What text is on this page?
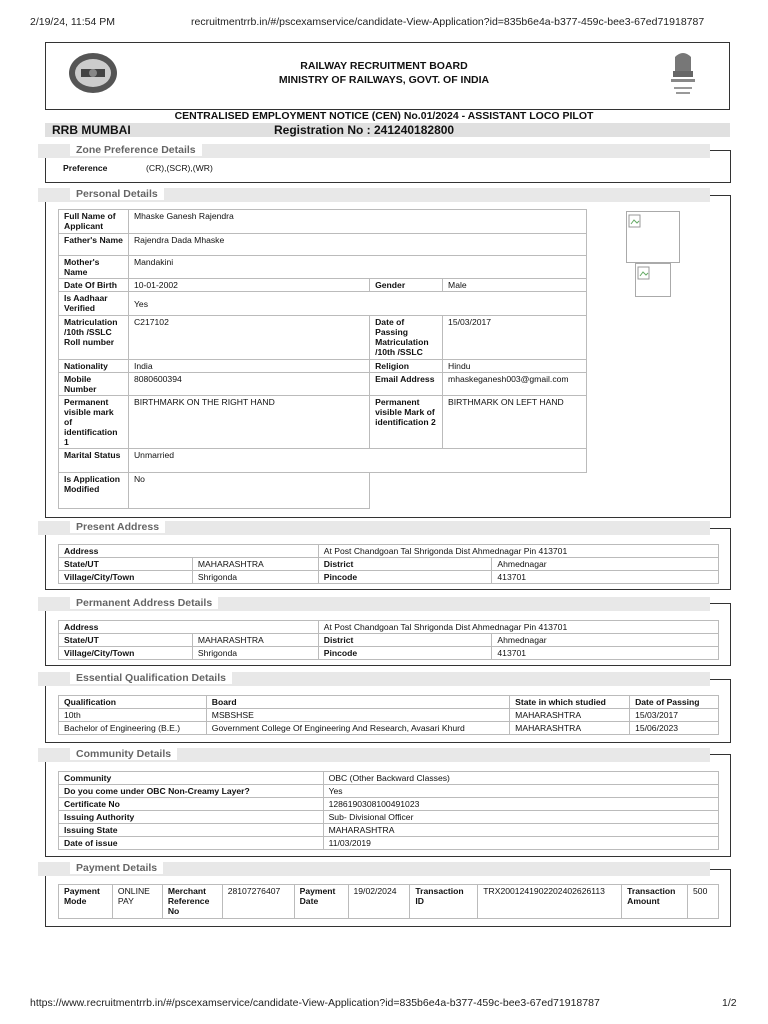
2/19/24, 11:54 PM	recruitmentrrb.in/#/pscexamservice/candidate-View-Application?id=835b6e4a-b377-459c-bee3-67ed71918787
RAILWAY RECRUITMENT BOARD
MINISTRY OF RAILWAYS, GOVT. OF INDIA
CENTRALISED EMPLOYMENT NOTICE (CEN) No.01/2024 - ASSISTANT LOCO PILOT
RRB MUMBAI	Registration No : 241240182800
Zone Preference Details
Preference	(CR),(SCR),(WR)
Personal Details
Full Name of Applicant	Mhaske Ganesh Rajendra		
Father's Name	Rajendra Dada Mhaske		
Mother's Name	Mandakini		
Date Of Birth	10-01-2002	Gender	Male
Is Aadhaar Verified	Yes		
Matriculation /10th /SSLC Roll number	C217102	Date of Passing Matriculation /10th /SSLC	15/03/2017
Nationality	India	Religion	Hindu
Mobile Number	8080600394	Email Address	mhaskeganesh003@gmail.com
Permanent visible mark of identification 1	BIRTHMARK ON THE RIGHT HAND	Permanent visible Mark of identification 2	BIRTHMARK ON LEFT HAND
Marital Status	Unmarried		
Is Application Modified	No		
Present Address
Address		At Post Chandgoan Tal Shrigonda Dist Ahmednagar Pin 413701	
State/UT	MAHARASHTRA	District	Ahmednagar
Village/City/Town	Shrigonda	Pincode	413701
Permanent Address Details
Address		At Post Chandgoan Tal Shrigonda Dist Ahmednagar Pin 413701	
State/UT	MAHARASHTRA	District	Ahmednagar
Village/City/Town	Shrigonda	Pincode	413701
Essential Qualification Details
Qualification	Board	State in which studied	Date of Passing
10th	MSBSHSE	MAHARASHTRA	15/03/2017
Bachelor of Engineering (B.E.)	Government College Of Engineering And Research, Avasari Khurd	MAHARASHTRA	15/06/2023
Community Details
Community	OBC (Other Backward Classes)
Do you come under OBC Non-Creamy Layer?	Yes
Certificate No	1286190308100491023
Issuing Authority	Sub- Divisional Officer
Issuing State	MAHARASHTRA
Date of issue	11/03/2019
Payment Details
Payment Mode	ONLINE PAY	Merchant Reference No	28107276407	Payment Date	19/02/2024	Transaction ID	TRX2001241902202402626113	Transaction Amount	500
https://www.recruitmentrrb.in/#/pscexamservice/candidate-View-Application?id=835b6e4a-b377-459c-bee3-67ed71918787	1/2
